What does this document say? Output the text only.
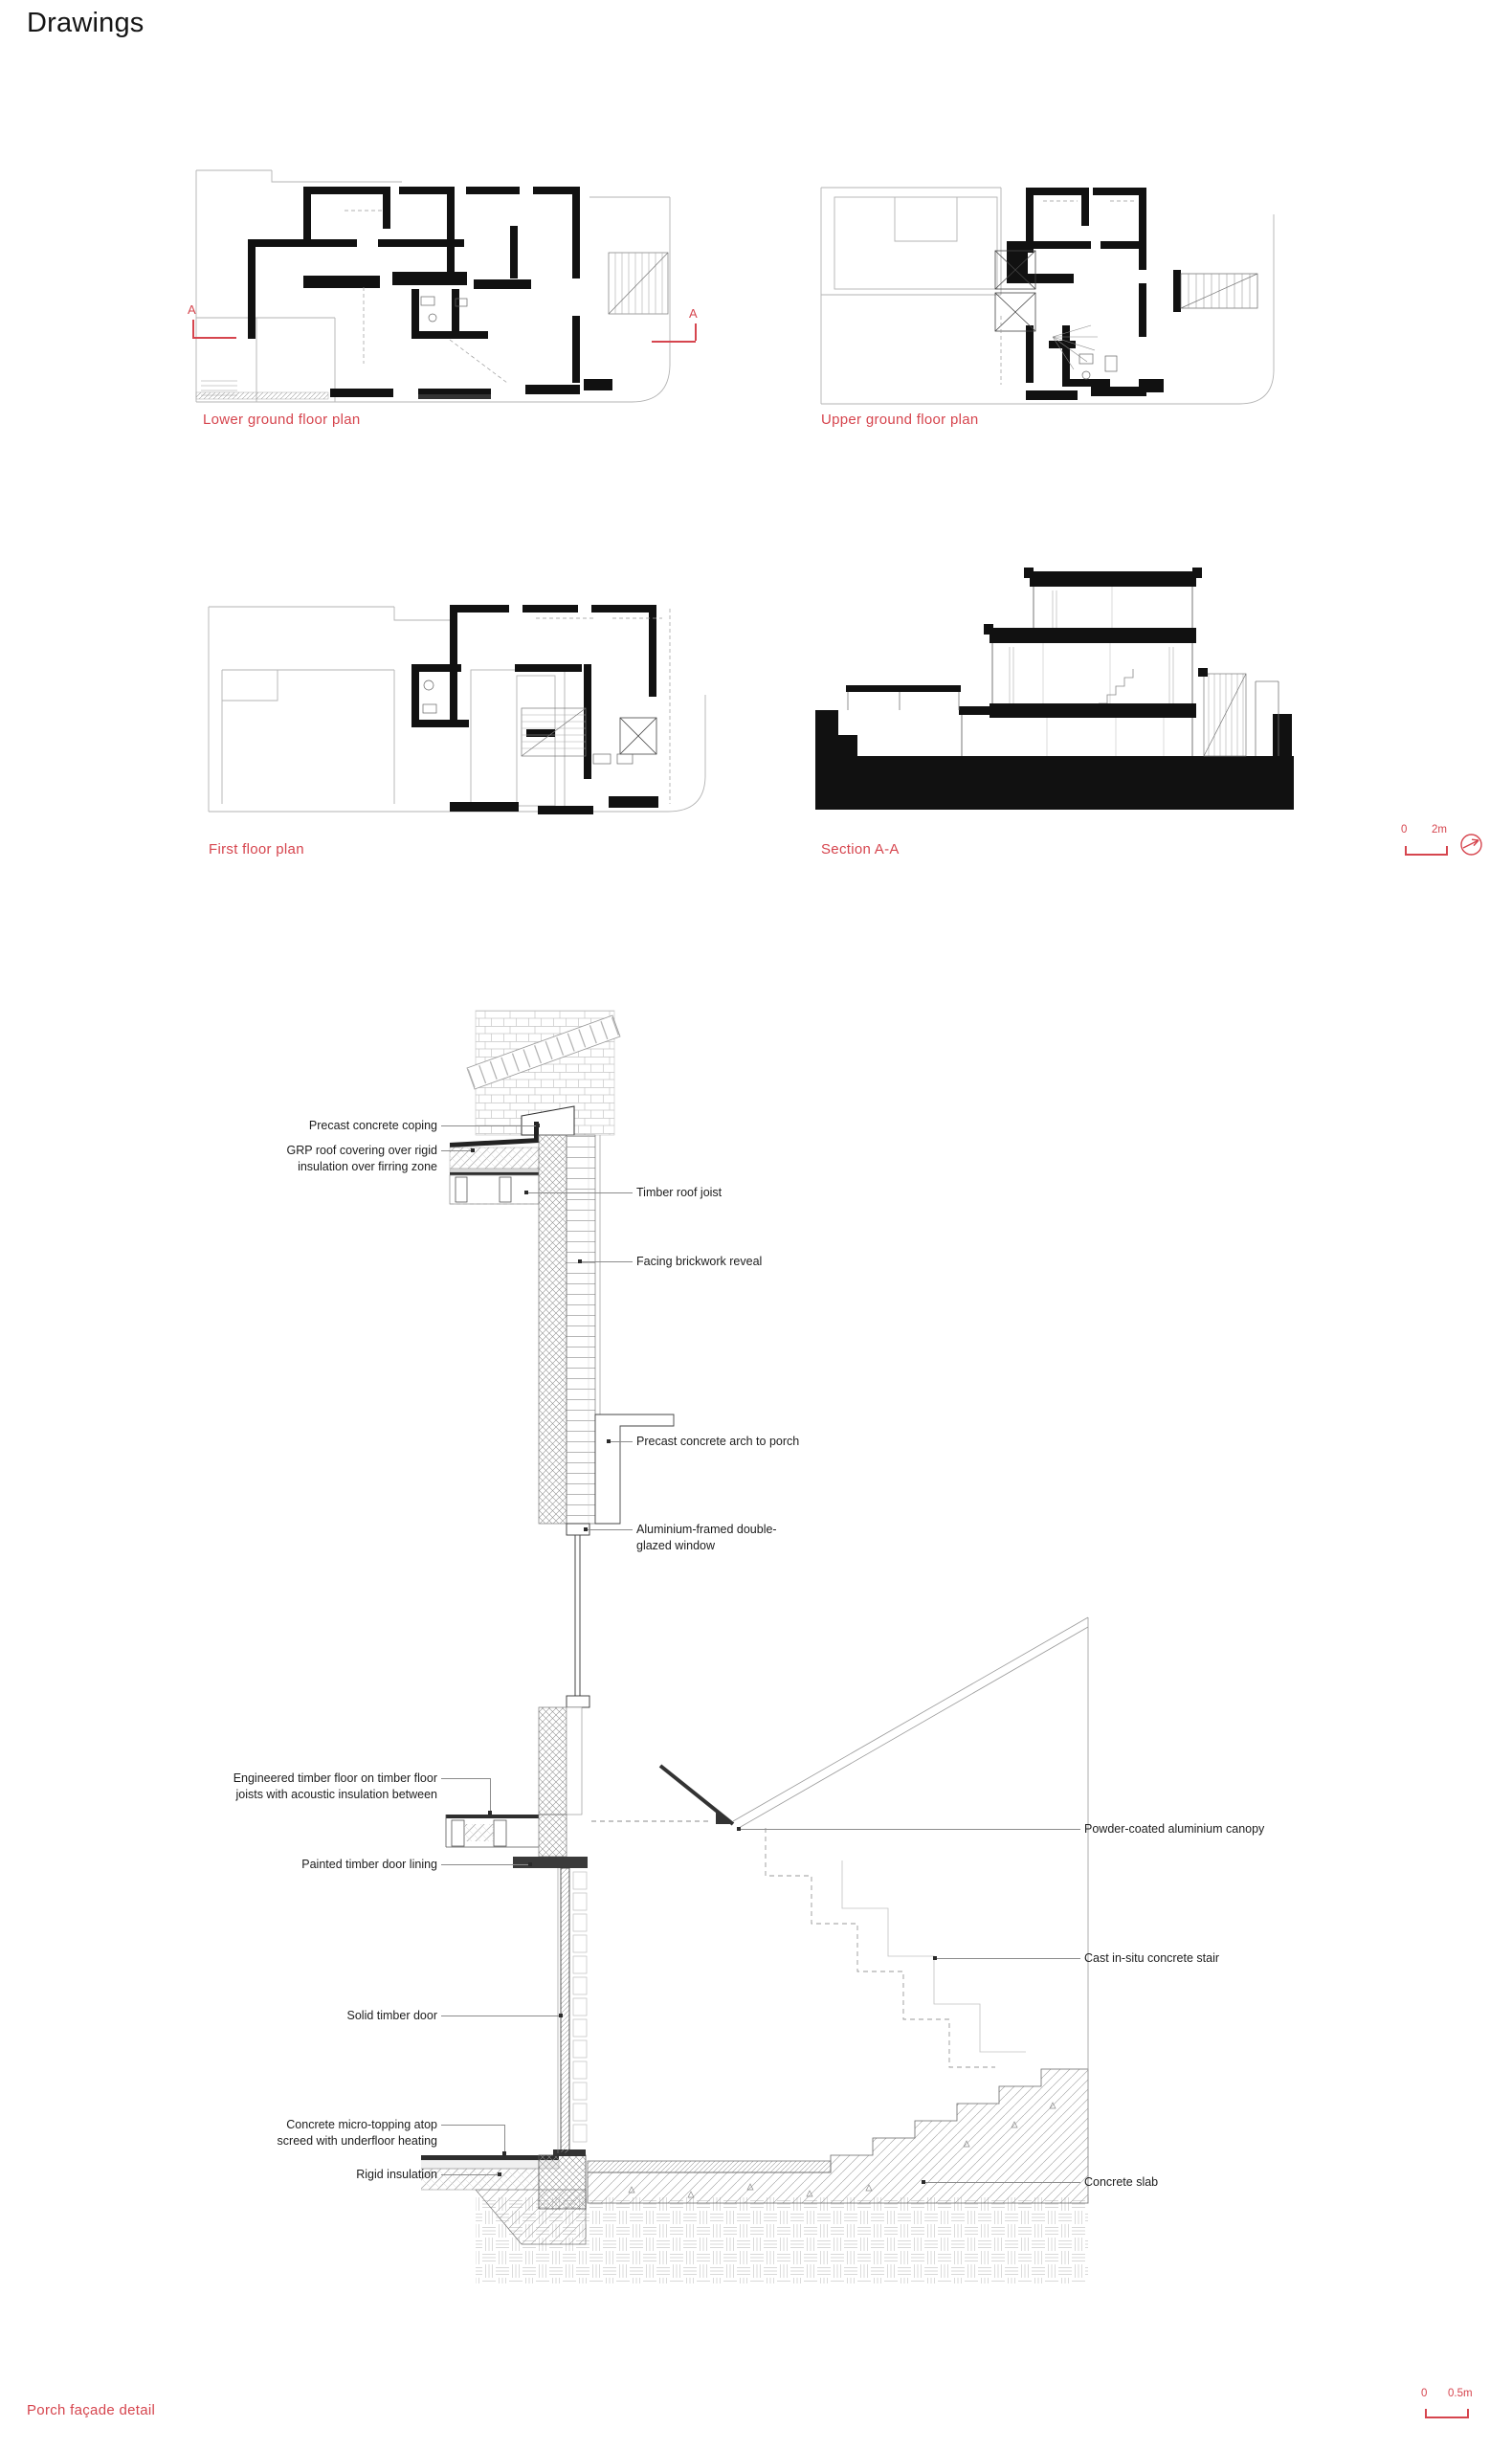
Drawings
A	A
Lower ground floor plan	Upper ground floor plan
First floor plan	Section A-A
0 2m
Precast concrete coping
GRP roof covering over rigid insulation over firring zone
Timber roof joist
Facing brickwork reveal
Precast concrete arch to porch
Aluminium-framed double-glazed window
Engineered timber floor on timber floor joists with acoustic insulation between
Powder-coated aluminium canopy
Painted timber door lining
Cast in-situ concrete stair
Solid timber door
Concrete micro-topping atop screed with underfloor heating
Concrete slab
Rigid insulation
Porch façade detail
0 0.5m
